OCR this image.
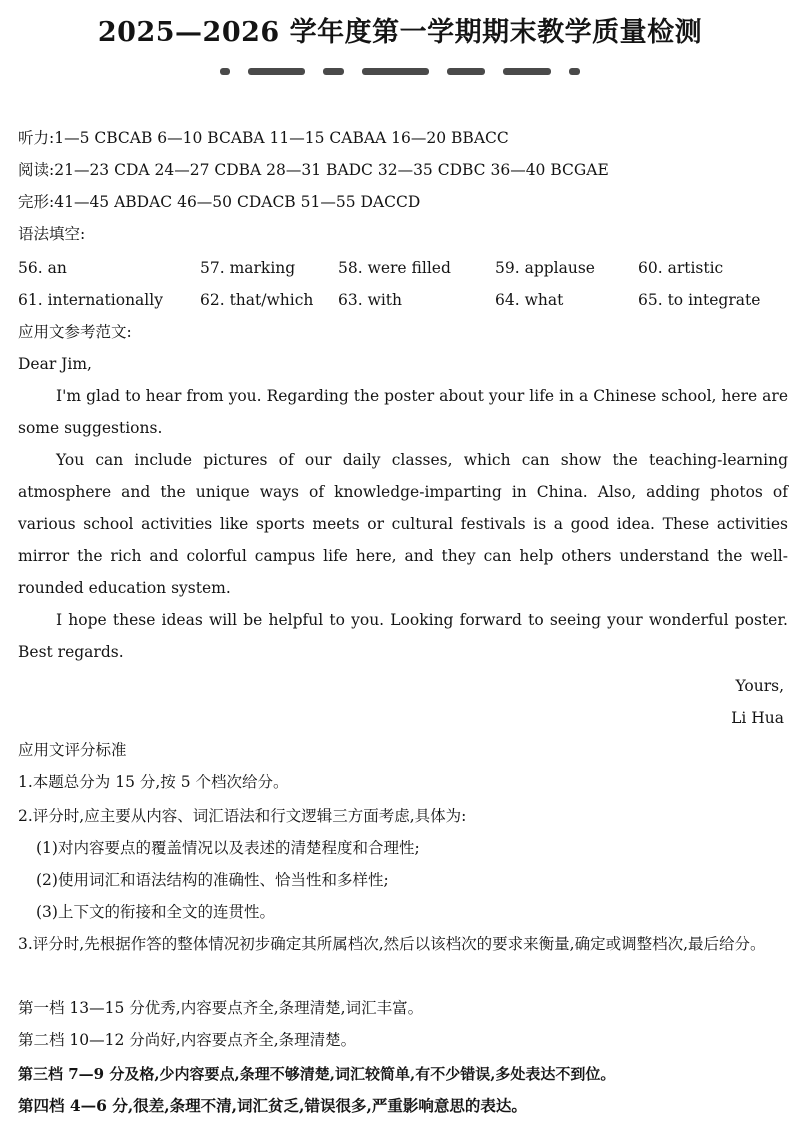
2025—2026 学年度第一学期期末教学质量检测
听力:1—5 CBCAB 6—10 BCABA 11—15 CABAA 16—20 BBACC
阅读:21—23 CDA 24—27 CDBA 28—31 BADC 32—35 CDBC 36—40 BCGAE
完形:41—45 ABDAC 46—50 CDACB 51—55 DACCD
语法填空:
56. an	57. marking	58. were filled	59. applause	60. artistic
61. internationally 62. that/which 63. with	64. what	65. to integrate
应用文参考范文:
Dear Jim,
I'm glad to hear from you. Regarding the poster about your life in a Chinese school, here are some suggestions.
You can include pictures of our daily classes, which can show the teaching-learning atmosphere and the unique ways of knowledge-imparting in China. Also, adding photos of various school activities like sports meets or cultural festivals is a good idea. These activities mirror the rich and colorful campus life here, and they can help others understand the well-rounded education system.
I hope these ideas will be helpful to you. Looking forward to seeing your wonderful poster. Best regards.
Yours,
Li Hua
应用文评分标准
1.本题总分为 15 分,按 5 个档次给分。
2.评分时,应主要从内容、词汇语法和行文逻辑三方面考虑,具体为:
(1)对内容要点的覆盖情况以及表述的清楚程度和合理性;
(2)使用词汇和语法结构的准确性、恰当性和多样性;
(3)上下文的衔接和全文的连贯性。
3.评分时,先根据作答的整体情况初步确定其所属档次,然后以该档次的要求来衡量,确定或调整档次,最后给分。
第一档 13—15 分优秀,内容要点齐全,条理清楚,词汇丰富。
第二档 10—12 分尚好,内容要点齐全,条理清楚。
第三档 7—9 分及格,少内容要点,条理不够清楚,词汇较简单,有不少错误,多处表达不到位。
第四档 4—6 分,很差,条理不清,词汇贫乏,错误很多,严重影响意思的表达。
